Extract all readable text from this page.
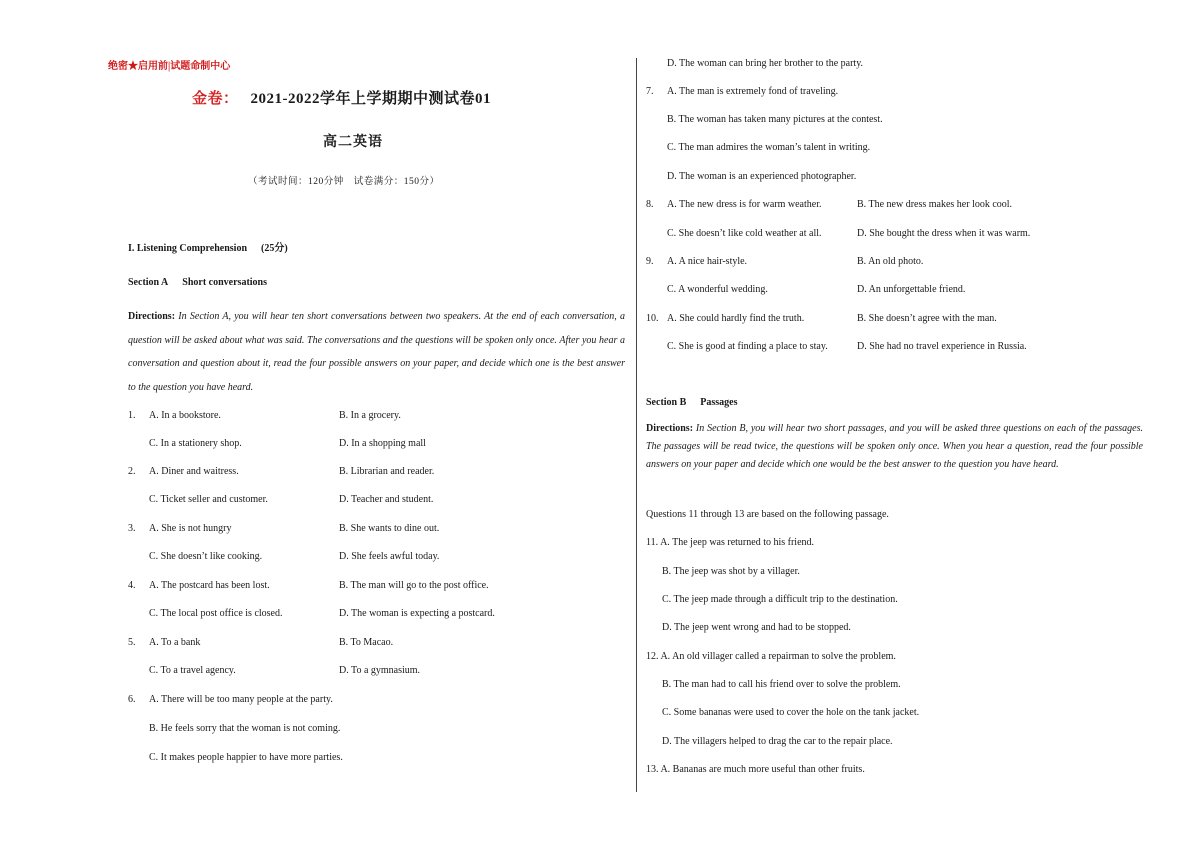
绝密★启用前|试题命制中心
金卷： 2021-2022学年上学期期中测试卷01
高二英语
（考试时间：120分钟　试卷满分：150分）
I. Listening Comprehension (25分)
Section A Short conversations
Directions: In Section A, you will hear ten short conversations between two speakers. At the end of each conversation, a question will be asked about what was said. The conversations and the questions will be spoken only once. After you hear a conversation and question about it, read the four possible answers on your paper, and decide which one is the best answer to the question you have heard.
1. A. In a bookstore.	B. In a grocery.
C. In a stationery shop.	D. In a shopping mall
2. A. Diner and waitress.	B. Librarian and reader.
C. Ticket seller and customer.	D. Teacher and student.
3. A. She is not hungry	B. She wants to dine out.
C. She doesn’t like cooking.	D. She feels awful today.
4. A. The postcard has been lost.	B. The man will go to the post office.
C. The local post office is closed.	D. The woman is expecting a postcard.
5. A. To a bank	B. To Macao.
C. To a travel agency.	D. To a gymnasium.
6. A. There will be too many people at the party.
B. He feels sorry that the woman is not coming.
C. It makes people happier to have more parties.
D. The woman can bring her brother to the party.
7. A. The man is extremely fond of traveling.
B. The woman has taken many pictures at the contest.
C. The man admires the woman’s talent in writing.
D. The woman is an experienced photographer.
8. A. The new dress is for warm weather.	B. The new dress makes her look cool.
C. She doesn’t like cold weather at all.	D. She bought the dress when it was warm.
9. A. A nice hair-style.	B. An old photo.
C. A wonderful wedding.	D. An unforgettable friend.
10. A. She could hardly find the truth.	B. She doesn’t agree with the man.
C. She is good at finding a place to stay.	D. She had no travel experience in Russia.
Section B Passages
Directions: In Section B, you will hear two short passages, and you will be asked three questions on each of the passages. The passages will be read twice, the questions will be spoken only once. When you hear a question, read the four possible answers on your paper and decide which one would be the best answer to the question you have heard.
Questions 11 through 13 are based on the following passage.
11. A. The jeep was returned to his friend.
B. The jeep was shot by a villager.
C. The jeep made through a difficult trip to the destination.
D. The jeep went wrong and had to be stopped.
12. A. An old villager called a repairman to solve the problem.
B. The man had to call his friend over to solve the problem.
C. Some bananas were used to cover the hole on the tank jacket.
D. The villagers helped to drag the car to the repair place.
13. A. Bananas are much more useful than other fruits.
